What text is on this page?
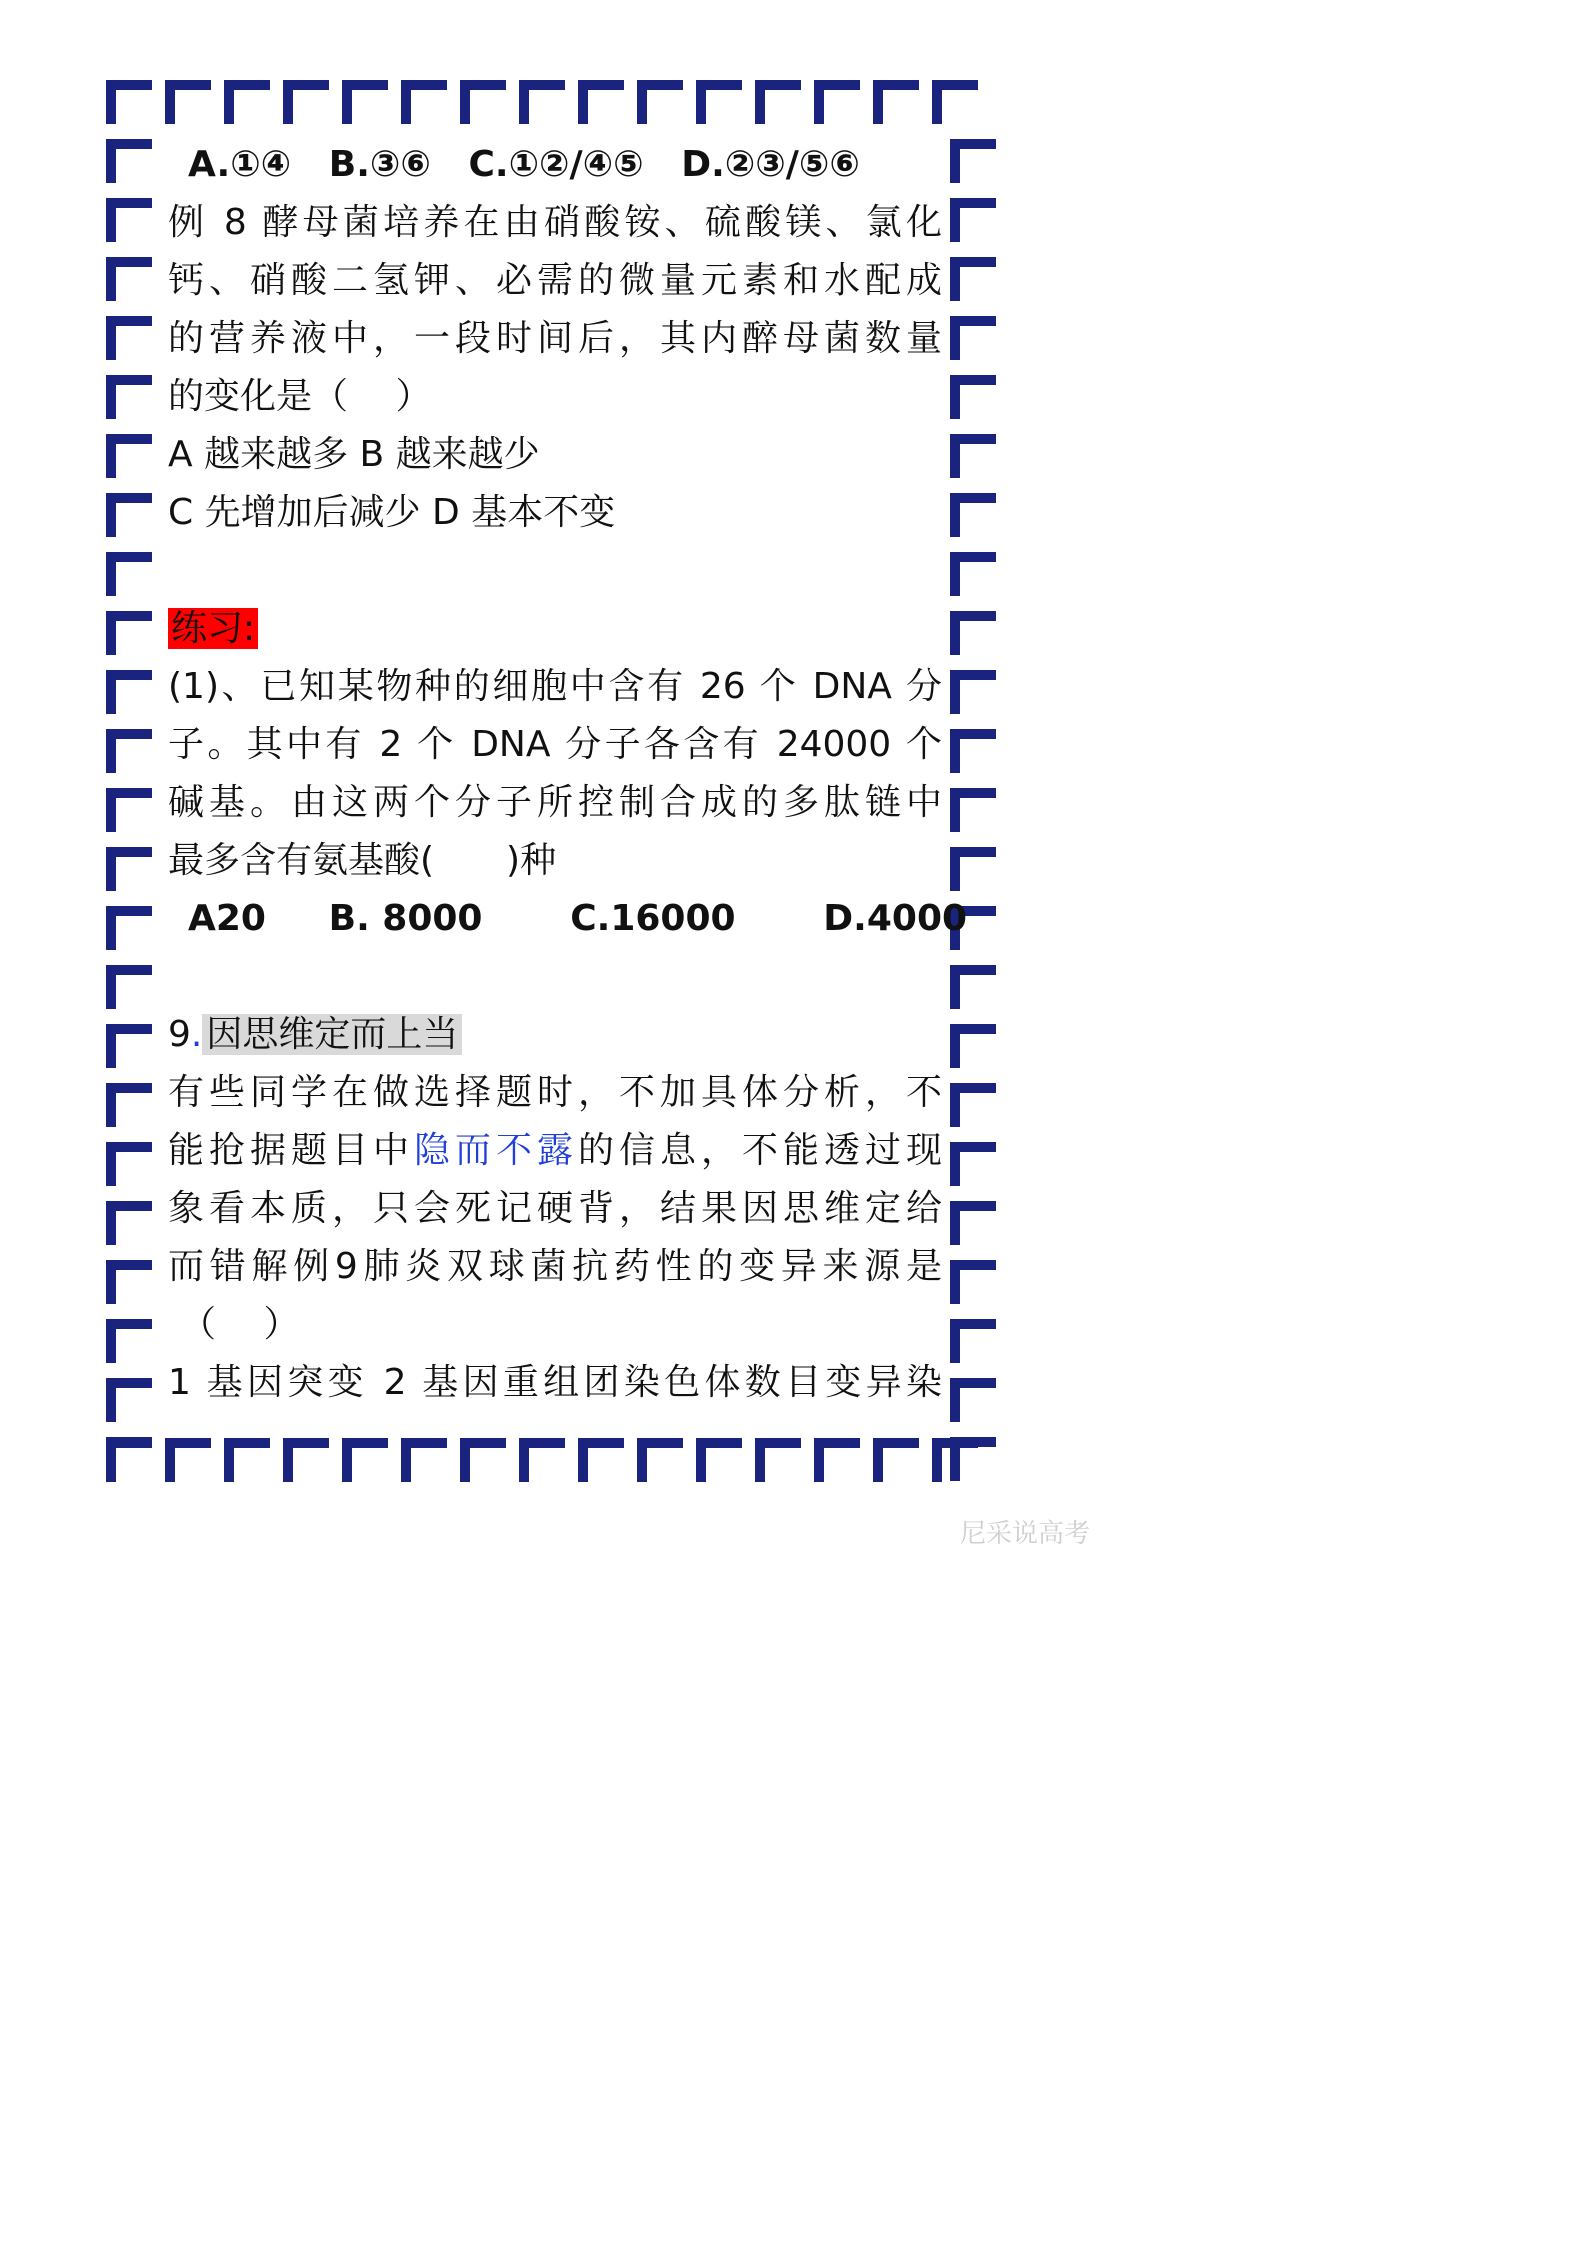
A.①④ B.③⑥ C.①②/④⑤ D.②③/⑤⑥
例 8 酵母菌培养在由硝酸铵、硫酸镁、氯化
钙、硝酸二氢钾、必需的微量元素和水配成
的营养液中，一段时间后，其内醉母菌数量
的变化是（　 ）
A 越来越多 B 越来越少
C 先增加后减少 D 基本不变
练习:
(1)、已知某物种的细胞中含有 26 个 DNA 分
子。其中有 2 个 DNA 分子各含有 24000 个
碱基。由这两个分子所控制合成的多肽链中
最多含有氨基酸(　　)种
A20 B. 8000 C.16000 D.4000
9. 因思维定而上当
有些同学在做选择题时，不加具体分析，不
能抢据题目中隐而不露的信息，不能透过现
象看本质，只会死记硬背，结果因思维定给
而错解例9肺炎双球菌抗药性的变异来源是
（　 ）
1 基因突变 2 基因重组团染色体数目变异染
尼采说高考
